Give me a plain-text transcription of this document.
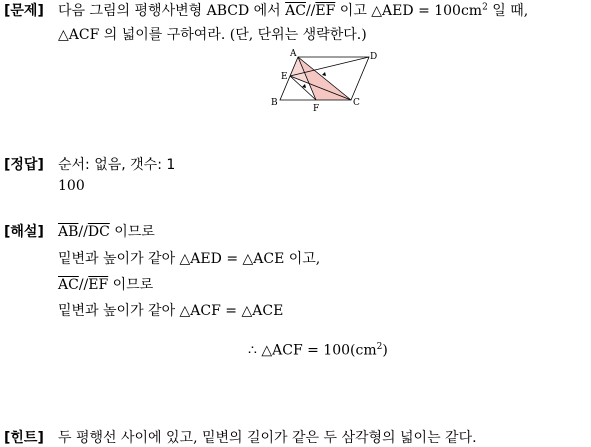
[문제] 다음 그림의 평행사변형 ABCD 에서 $\overline{AC}//\overline{EF}$ 이고 △AED = $100cm^2$ 일 때,
△ACF 의 넓이를 구하여라. (단, 단위는 생략한다.)
A	D
E
B
F
C
[정답] 순서: 없음, 갯수: 1
100
[해설] $\overline{AB}//\overline{DC}$ 이므로
밑변과 높이가 같아 △AED = △ACE 이고,
$\overline{AC}//\overline{EF}$ 이므로
밑변과 높이가 같아 △ACF = △ACE
∴ △ACF = $100(cm^2)$
[힌트] 두 평행선 사이에 있고, 밑변의 길이가 같은 두 삼각형의 넓이는 같다.
